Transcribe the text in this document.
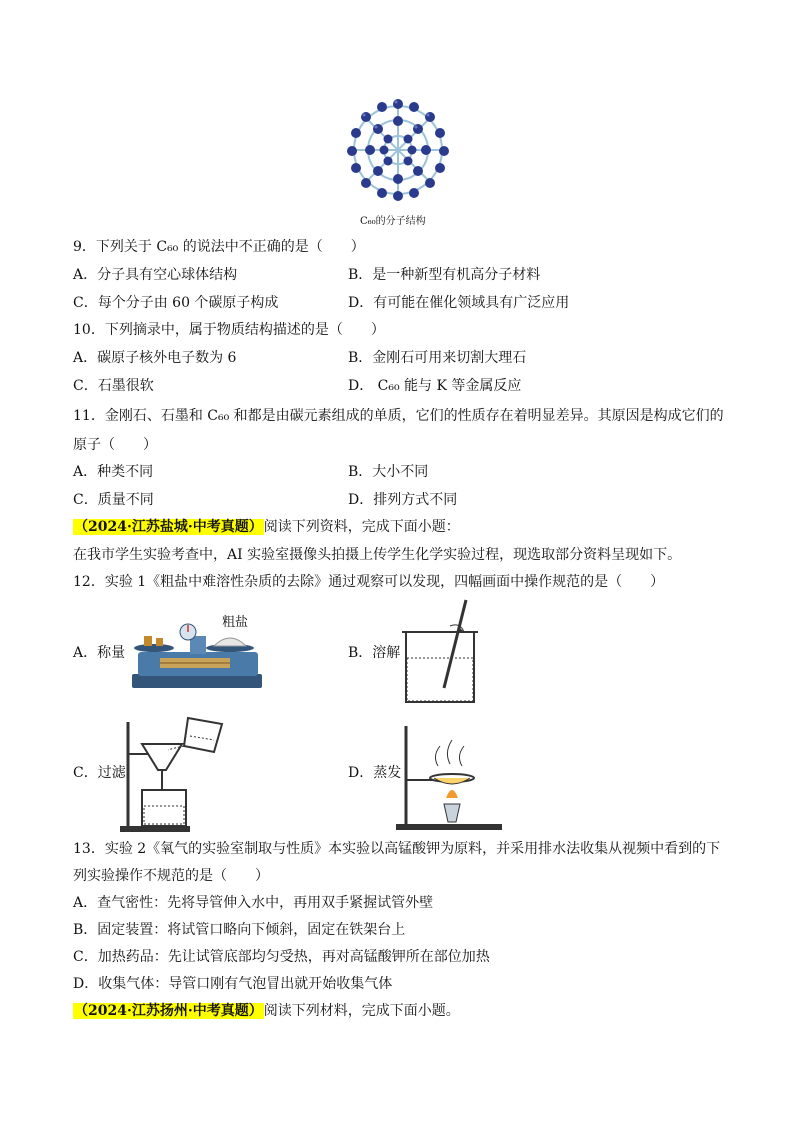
C₆₀的分子结构
9．下列关于 C₆₀ 的说法中不正确的是（　　）
A．分子具有空心球体结构	B．是一种新型有机高分子材料
C．每个分子由 60 个碳原子构成	D．有可能在催化领域具有广泛应用
10．下列摘录中，属于物质结构描述的是（　　）
A．碳原子核外电子数为 6	B．金刚石可用来切割大理石
C．石墨很软	D． C₆₀ 能与 K 等金属反应
11．金刚石、石墨和 C₆₀ 和都是由碳元素组成的单质，它们的性质存在着明显差异。其原因是构成它们的
原子（　　）
A．种类不同	B．大小不同
C．质量不同	D．排列方式不同
（2024·江苏盐城·中考真题）阅读下列资料，完成下面小题：
在我市学生实验考查中，AI 实验室摄像头拍摄上传学生化学实验过程，现选取部分资料呈现如下。
12．实验 1《粗盐中难溶性杂质的去除》通过观察可以发现，四幅画面中操作规范的是（　　）
A．称量
粗盐
B．溶解
C．过滤	D．蒸发
13．实验 2《氧气的实验室制取与性质》本实验以高锰酸钾为原料，并采用排水法收集从视频中看到的下
列实验操作不规范的是（　　）
A．查气密性：先将导管伸入水中，再用双手紧握试管外壁
B．固定装置：将试管口略向下倾斜，固定在铁架台上
C．加热药品：先让试管底部均匀受热，再对高锰酸钾所在部位加热
D．收集气体：导管口刚有气泡冒出就开始收集气体
（2024·江苏扬州·中考真题）阅读下列材料，完成下面小题。
